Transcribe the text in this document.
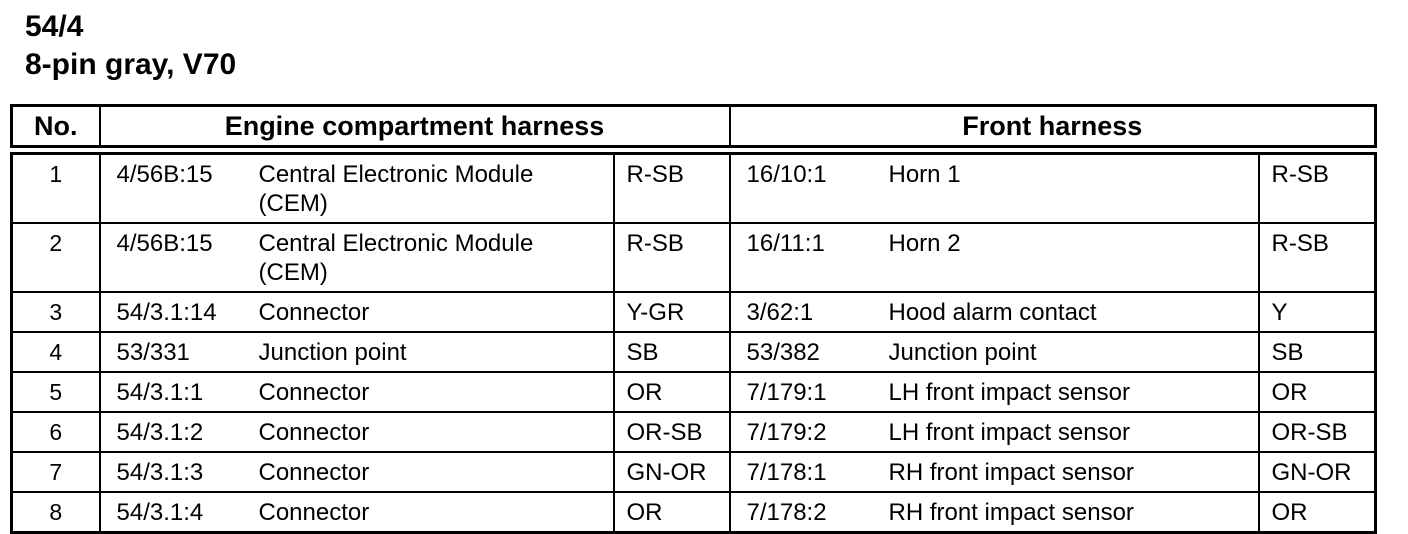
54/4
8-pin gray, V70
No.	Engine compartment harness			Front harness		
1	4/56B:15	Central Electronic Module (CEM)	R-SB	16/10:1	Horn 1	R-SB
2	4/56B:15	Central Electronic Module (CEM)	R-SB	16/11:1	Horn 2	R-SB
3	54/3.1:14	Connector	Y-GR	3/62:1	Hood alarm contact	Y
4	53/331	Junction point	SB	53/382	Junction point	SB
5	54/3.1:1	Connector	OR	7/179:1	LH front impact sensor	OR
6	54/3.1:2	Connector	OR-SB	7/179:2	LH front impact sensor	OR-SB
7	54/3.1:3	Connector	GN-OR	7/178:1	RH front impact sensor	GN-OR
8	54/3.1:4	Connector	OR	7/178:2	RH front impact sensor	OR
